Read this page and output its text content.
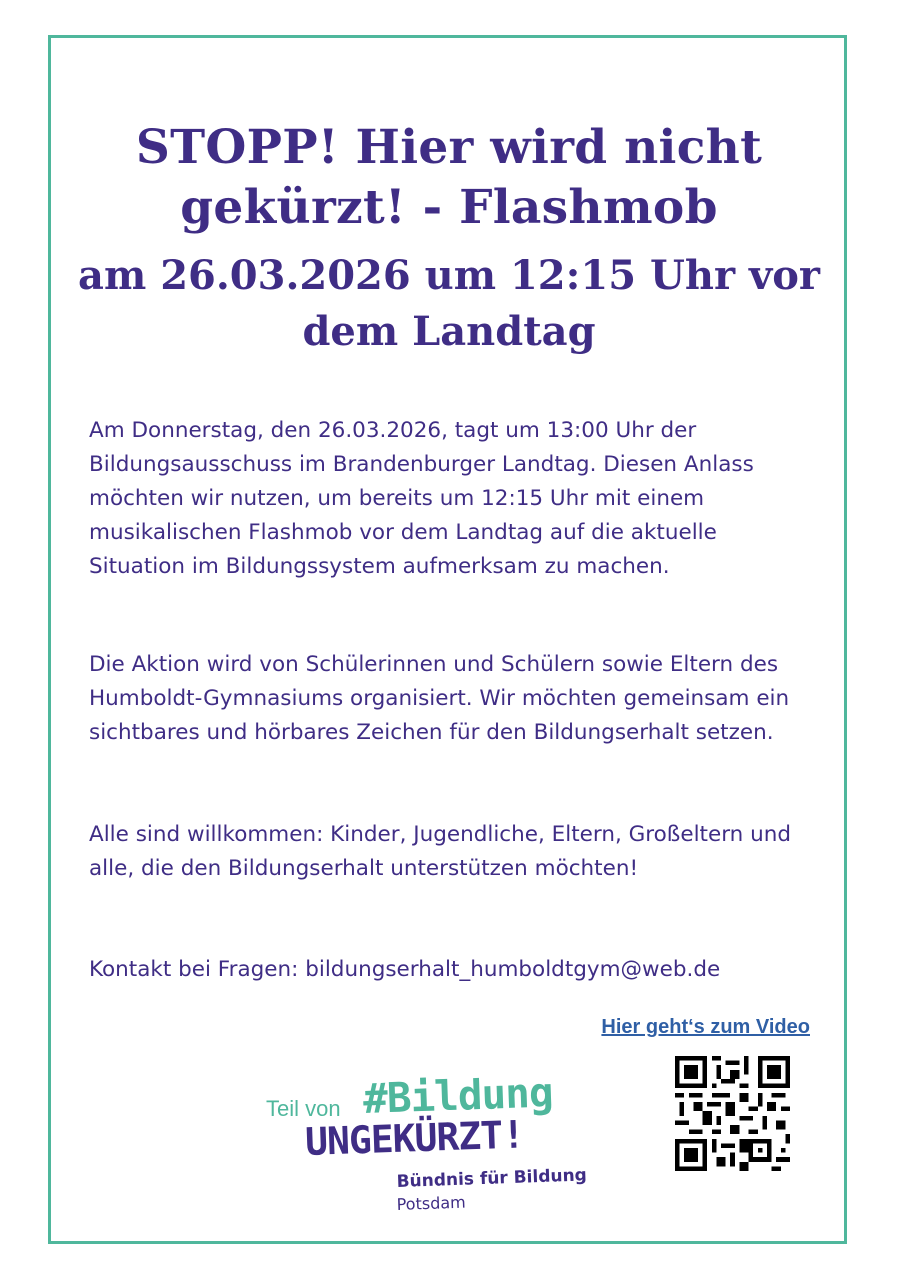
STOPP! Hier wird nicht gekürzt! - Flashmob
am 26.03.2026 um 12:15 Uhr vor dem Landtag

Am Donnerstag, den 26.03.2026, tagt um 13:00 Uhr der Bildungsausschuss im Brandenburger Landtag. Diesen Anlass möchten wir nutzen, um bereits um 12:15 Uhr mit einem musikalischen Flashmob vor dem Landtag auf die aktuelle Situation im Bildungssystem aufmerksam zu machen.

Die Aktion wird von Schülerinnen und Schülern sowie Eltern des Humboldt-Gymnasiums organisiert. Wir möchten gemeinsam ein sichtbares und hörbares Zeichen für den Bildungserhalt setzen.

Alle sind willkommen: Kinder, Jugendliche, Eltern, Großeltern und alle, die den Bildungserhalt unterstützen möchten!

Kontakt bei Fragen: bildungserhalt_humboldtgym@web.de

Hier geht‘s zum Video
Teil von #Bildung
UNGEKÜRZT!
Bündnis für Bildung
Potsdam
